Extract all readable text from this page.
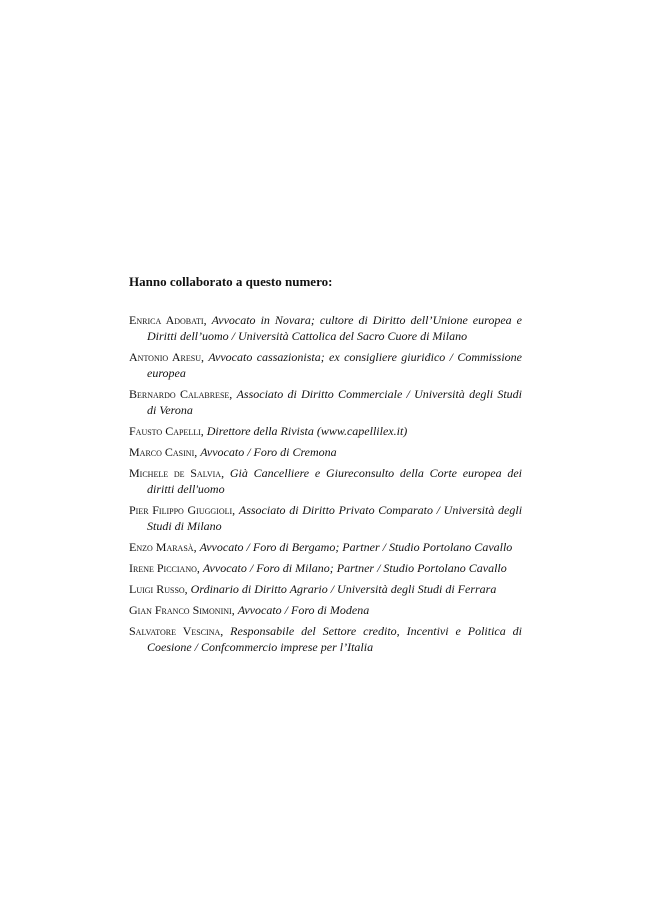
Hanno collaborato a questo numero:
Enrica Adobati, Avvocato in Novara; cultore di Diritto dell’Unione europea e Diritti dell’uomo / Università Cattolica del Sacro Cuore di Milano
Antonio Aresu, Avvocato cassazionista; ex consigliere giuridico / Commissione europea
Bernardo Calabrese, Associato di Diritto Commerciale / Università degli Studi di Verona
Fausto Capelli, Direttore della Rivista (www.capellilex.it)
Marco Casini, Avvocato / Foro di Cremona
Michele de Salvia, Già Cancelliere e Giureconsulto della Corte europea dei diritti dell'uomo
Pier Filippo Giuggioli, Associato di Diritto Privato Comparato / Università degli Studi di Milano
Enzo Marasà, Avvocato / Foro di Bergamo; Partner / Studio Portolano Cavallo
Irene Picciano, Avvocato / Foro di Milano; Partner / Studio Portolano Cavallo
Luigi Russo, Ordinario di Diritto Agrario / Università degli Studi di Ferrara
Gian Franco Simonini, Avvocato / Foro di Modena
Salvatore Vescina, Responsabile del Settore credito, Incentivi e Politica di Coesione / Confcommercio imprese per l’Italia
